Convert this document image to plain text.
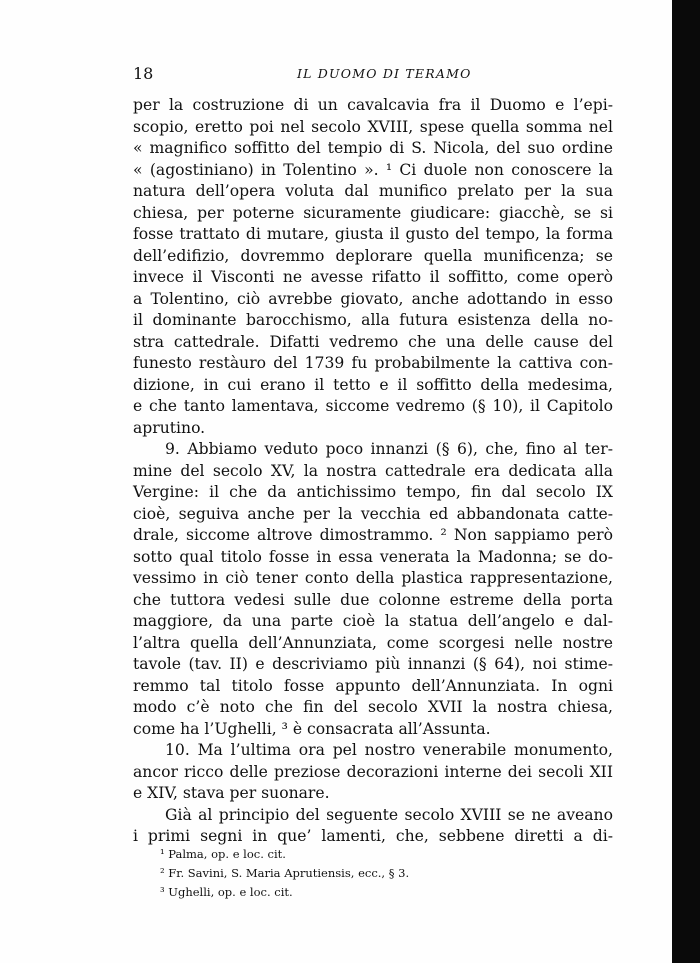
18	IL DUOMO DI TERAMO
per la costruzione di un cavalcavia fra il Duomo e l’epi-
scopio, eretto poi nel secolo XVIII, spese quella somma nel
« magnifico soffitto del tempio di S. Nicola, del suo ordine
« (agostiniano) in Tolentino ». ¹ Ci duole non conoscere la
natura dell’opera voluta dal munifico prelato per la sua
chiesa, per poterne sicuramente giudicare: giacchè, se si
fosse trattato di mutare, giusta il gusto del tempo, la forma
dell’edifizio, dovremmo deplorare quella munificenza; se
invece il Visconti ne avesse rifatto il soffitto, come operò
a Tolentino, ciò avrebbe giovato, anche adottando in esso
il dominante barocchismo, alla futura esistenza della no-
stra cattedrale. Difatti vedremo che una delle cause del
funesto restàuro del 1739 fu probabilmente la cattiva con-
dizione, in cui erano il tetto e il soffitto della medesima,
e che tanto lamentava, siccome vedremo (§ 10), il Capitolo
aprutino.
9. Abbiamo veduto poco innanzi (§ 6), che, fino al ter-
mine del secolo XV, la nostra cattedrale era dedicata alla
Vergine: il che da antichissimo tempo, fin dal secolo IX
cioè, seguiva anche per la vecchia ed abbandonata catte-
drale, siccome altrove dimostrammo. ² Non sappiamo però
sotto qual titolo fosse in essa venerata la Madonna; se do-
vessimo in ciò tener conto della plastica rappresentazione,
che tuttora vedesi sulle due colonne estreme della porta
maggiore, da una parte cioè la statua dell’angelo e dal-
l’altra quella dell’Annunziata, come scorgesi nelle nostre
tavole (tav. II) e descriviamo più innanzi (§ 64), noi stime-
remmo tal titolo fosse appunto dell’Annunziata. In ogni
modo c’è noto che fin del secolo XVII la nostra chiesa,
come ha l’Ughelli, ³ è consacrata all’Assunta.
10. Ma l’ultima ora pel nostro venerabile monumento,
ancor ricco delle preziose decorazioni interne dei secoli XII
e XIV, stava per suonare.
Già al principio del seguente secolo XVIII se ne aveano
i primi segni in que’ lamenti, che, sebbene diretti a di-
¹ Palma, op. e loc. cit.
² Fr. Savini, S. Maria Aprutiensis, ecc., § 3.
³ Ughelli, op. e loc. cit.
